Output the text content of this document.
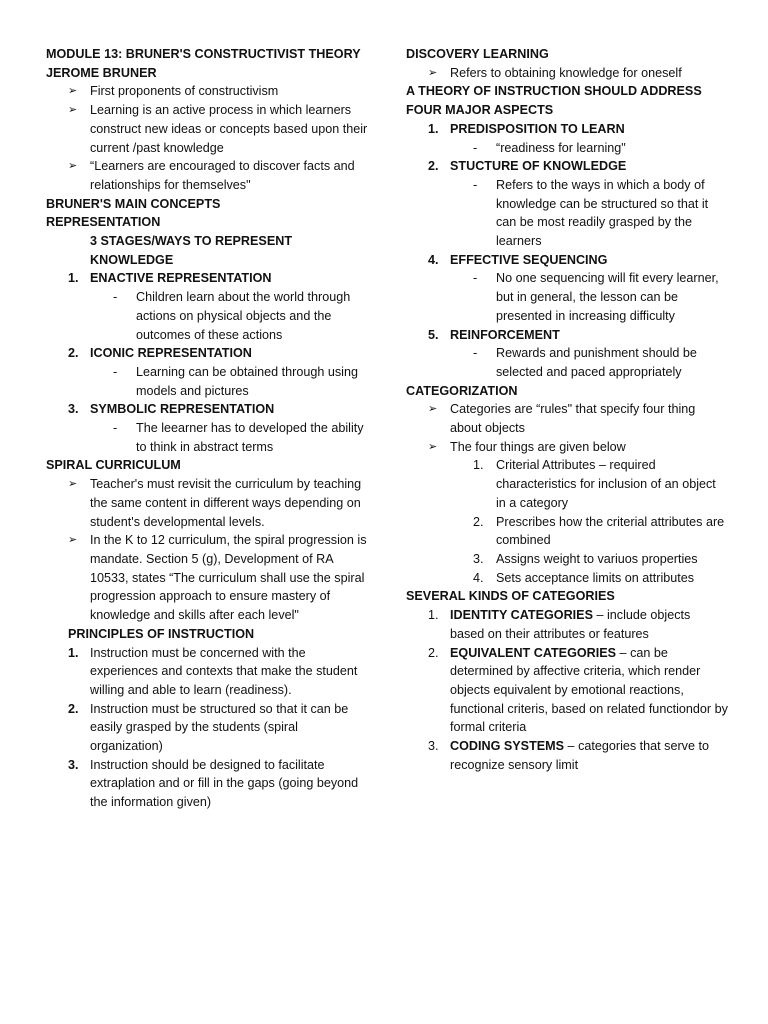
MODULE 13: BRUNER'S CONSTRUCTIVIST THEORY
JEROME BRUNER
➢	First proponents of constructivism
➢	Learning is an active process in which learners construct new ideas or concepts based upon their current /past knowledge
➢	“Learners are encouraged to discover facts and relationships for themselves"
BRUNER'S MAIN CONCEPTS
REPRESENTATION
3 STAGES/WAYS TO REPRESENT KNOWLEDGE
1. ENACTIVE REPRESENTATION
-	Children learn about the world through actions on physical objects and the outcomes of these actions
2. ICONIC REPRESENTATION
-	Learning can be obtained through using models and pictures
3. SYMBOLIC REPRESENTATION
-	The leearner has to developed the ability to think in abstract terms
SPIRAL CURRICULUM
➢	Teacher's must revisit the curriculum by teaching the same content in different ways depending on student's developmental levels.
➢	In the K to 12 curriculum, the spiral progression is mandate. Section 5 (g), Development of RA 10533, states “The curriculum shall use the spiral progression approach to ensure mastery of knowledge and skills after each level"
PRINCIPLES OF INSTRUCTION
1. Instruction must be concerned with the experiences and contexts that make the student willing and able to learn (readiness).
2. Instruction must be structured so that it can be easily grasped by the students (spiral organization)
3. Instruction should be designed to facilitate extraplation and or fill in the gaps (going beyond the information given)
DISCOVERY LEARNING
➢	Refers to obtaining knowledge for oneself
A THEORY OF INSTRUCTION SHOULD ADDRESS FOUR MAJOR ASPECTS
1. PREDISPOSITION TO LEARN
-	“readiness for learning"
2. STUCTURE OF KNOWLEDGE
-	Refers to the ways in which a body of knowledge can be structured so that it can be most readily grasped by the learners
4. EFFECTIVE SEQUENCING
-	No one sequencing will fit every learner, but in general, the lesson can be presented in increasing difficulty
5. REINFORCEMENT
-	Rewards and punishment should be selected and paced appropriately
CATEGORIZATION
➢	Categories are “rules" that specify four thing about objects
➢	The four things are given below
1. Criterial Attributes – required characteristics for inclusion of an object in a category
2. Prescribes how the criterial attributes are combined
3. Assigns weight to variuos properties
4. Sets acceptance limits on attributes
SEVERAL KINDS OF CATEGORIES
1. IDENTITY CATEGORIES – include objects based on their attributes or features
2. EQUIVALENT CATEGORIES – can be determined by affective criteria, which render objects equivalent by emotional reactions, functional criteris, based on related functiondor by formal criteria
3. CODING SYSTEMS – categories that serve to recognize sensory limit
